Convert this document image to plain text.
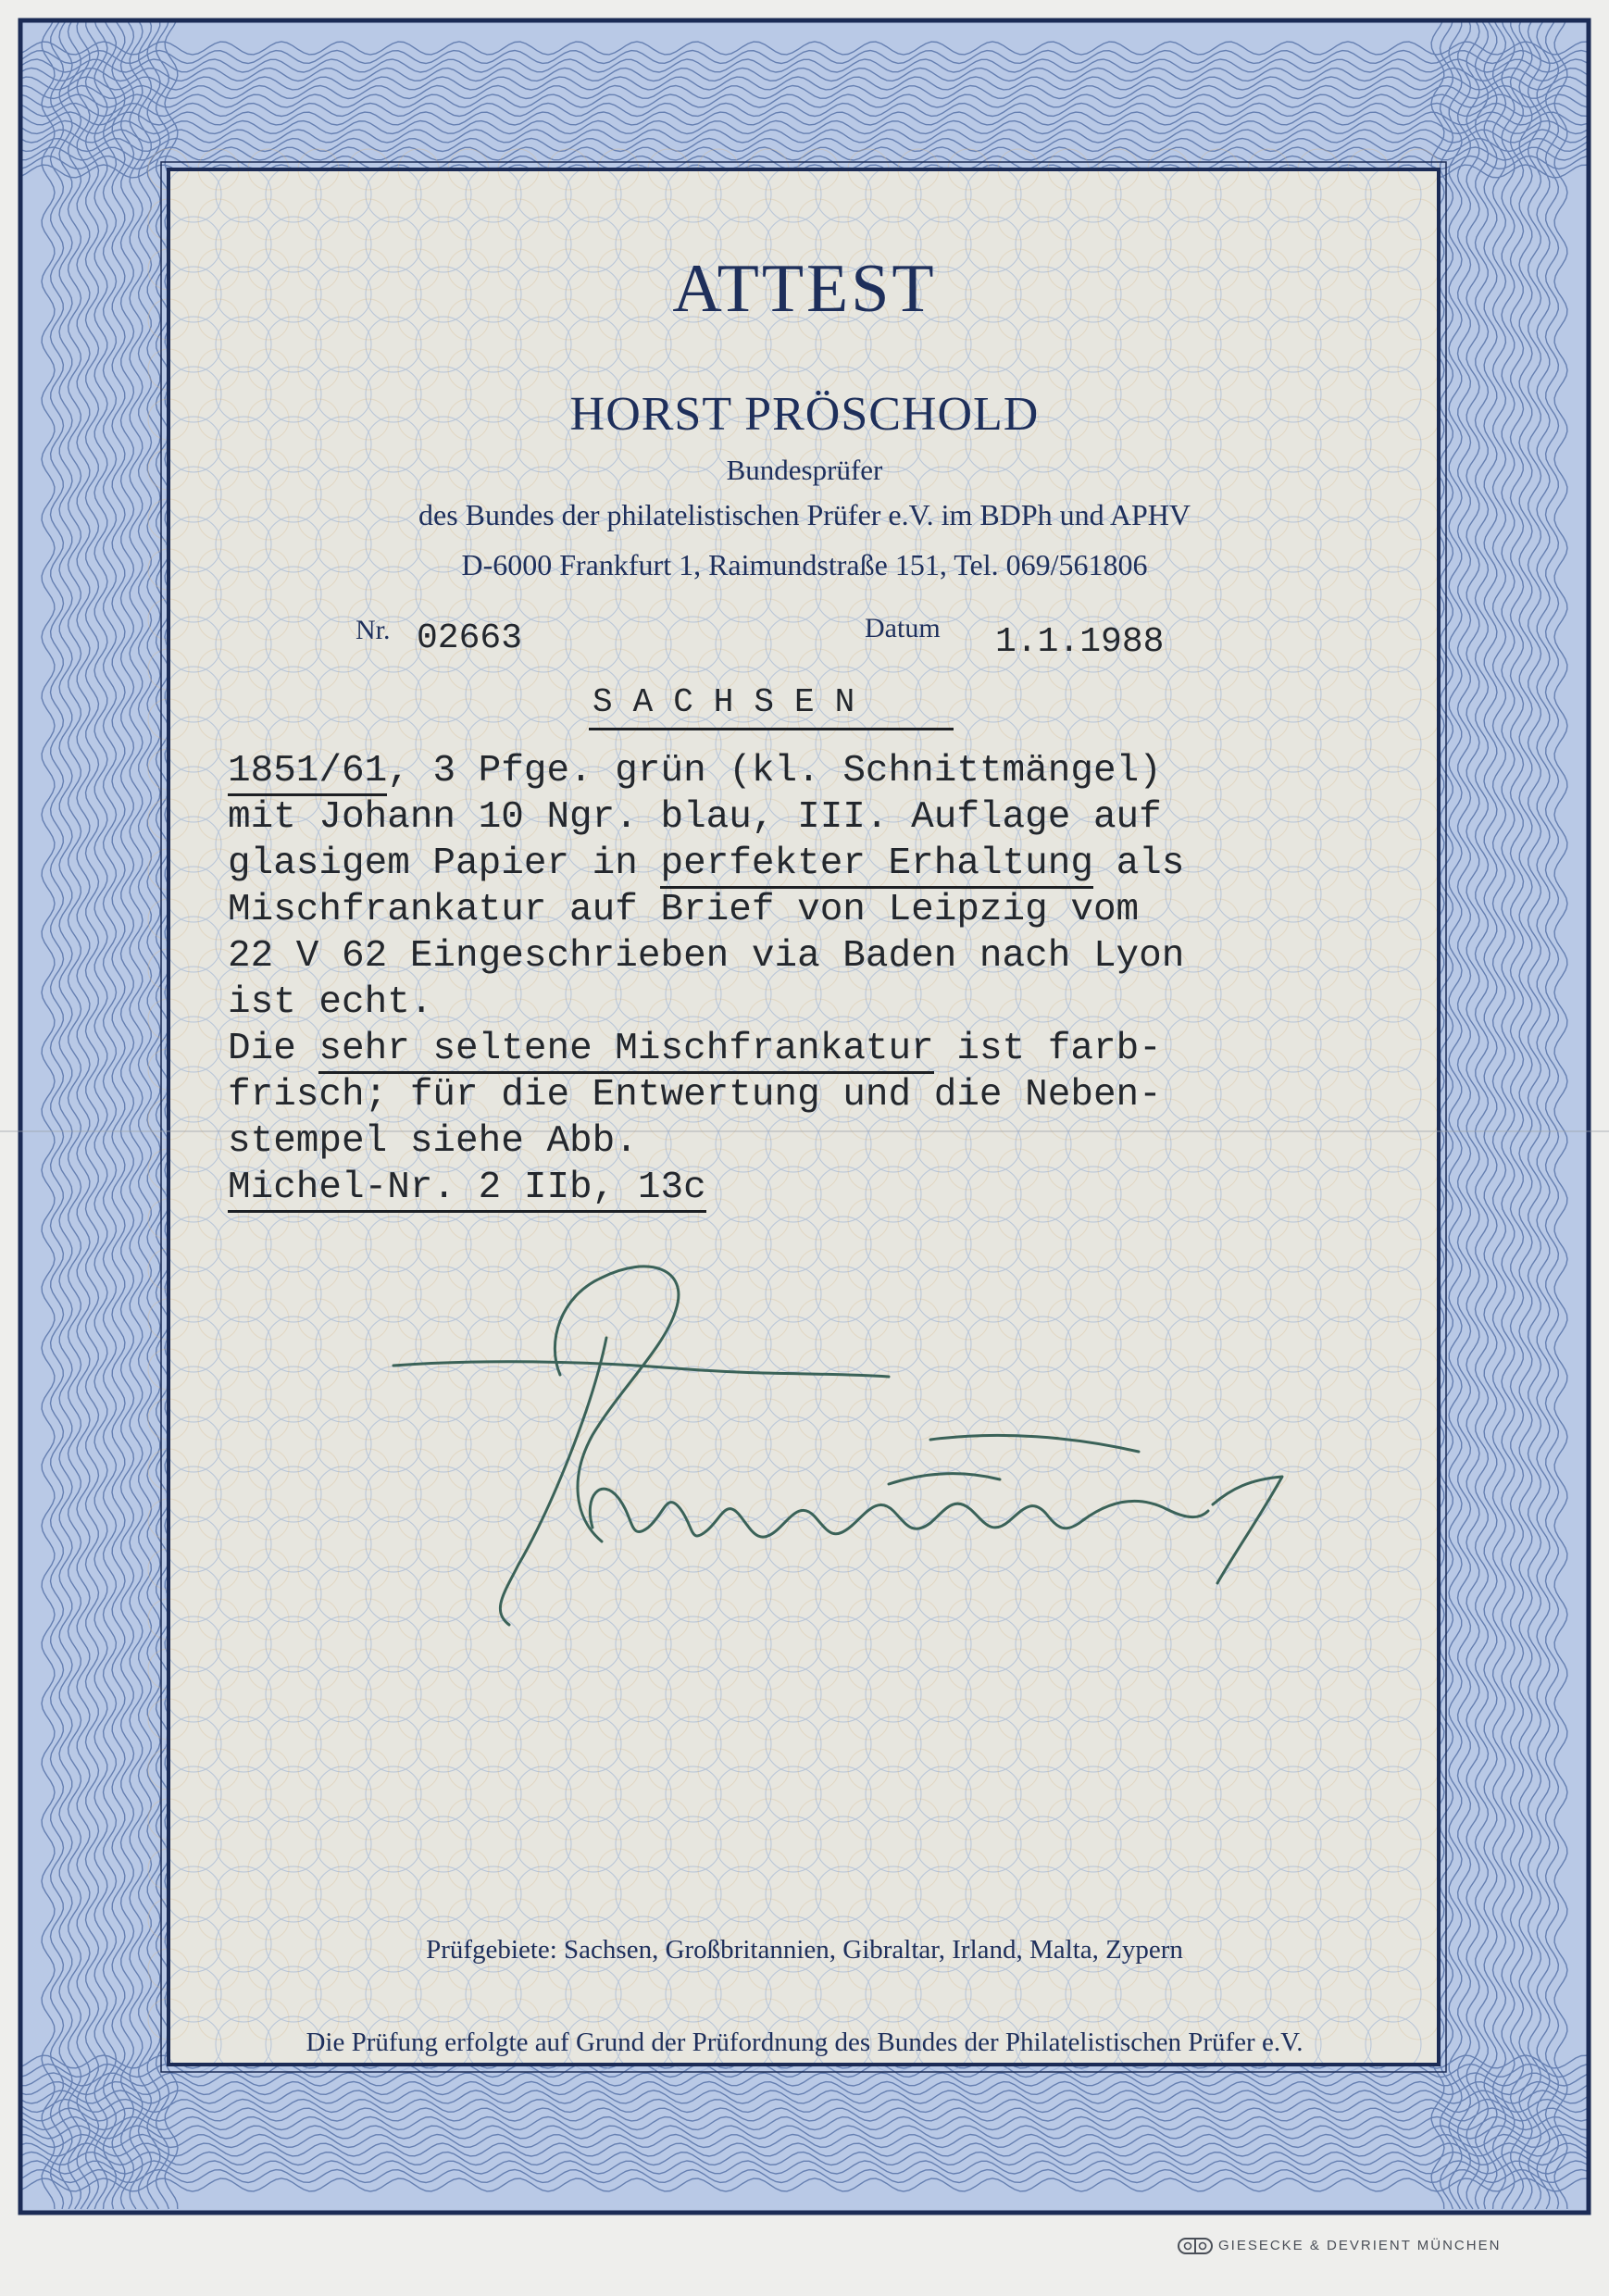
ATTEST
HORST PRÖSCHOLD
Bundesprüfer
des Bundes der philatelistischen Prüfer e.V. im BDPh und APHV
D-6000 Frankfurt 1, Raimundstraße 151, Tel. 069/561806
Nr. 02663	Datum 1.1.1988
SACHSEN
1851/61, 3 Pfge. grün (kl. Schnittmängel)
mit Johann 10 Ngr. blau, III. Auflage auf
glasigem Papier in perfekter Erhaltung als
Mischfrankatur auf Brief von Leipzig vom
22 V 62 Eingeschrieben via Baden nach Lyon
ist echt.
Die sehr seltene Mischfrankatur ist farb-
frisch; für die Entwertung und die Neben-
stempel siehe Abb.
Michel-Nr. 2 IIb, 13c
Prüfgebiete: Sachsen, Großbritannien, Gibraltar, Irland, Malta, Zypern
Die Prüfung erfolgte auf Grund der Prüfordnung des Bundes der Philatelistischen Prüfer e.V.
GIESECKE & DEVRIENT MÜNCHEN
